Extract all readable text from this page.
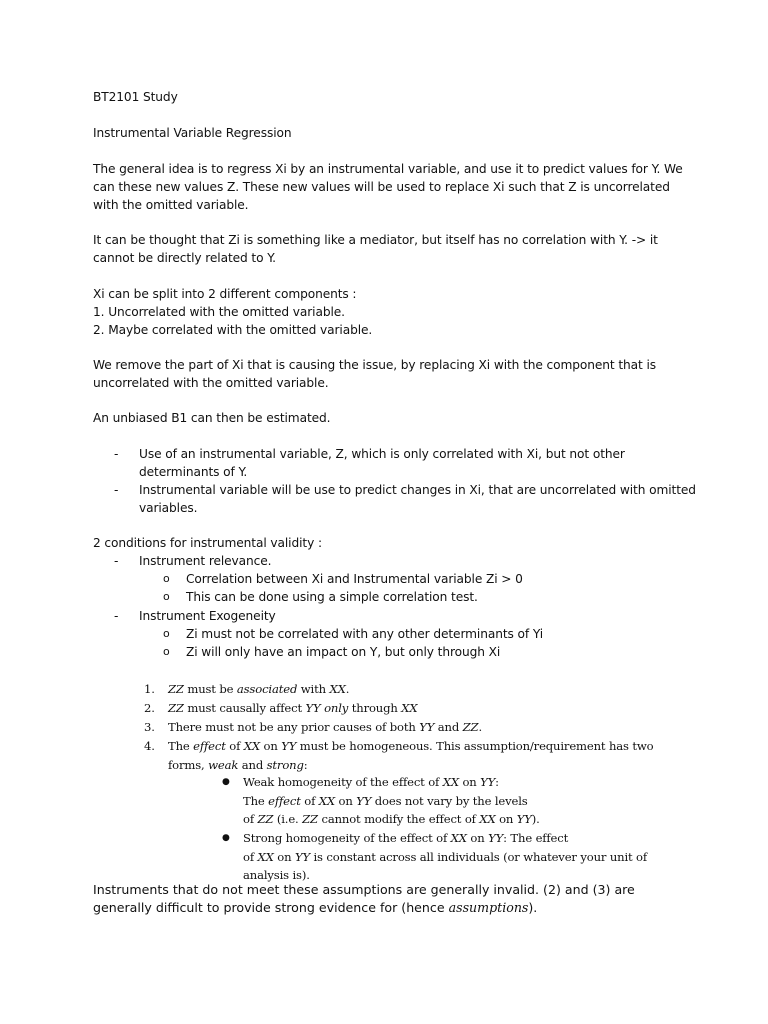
BT2101 Study
Instrumental Variable Regression

The general idea is to regress Xi by an instrumental variable, and use it to predict values for Y. We can these new values Z. These new values will be used to replace Xi such that Z is uncorrelated with the omitted variable.

It can be thought that Zi is something like a mediator, but itself has no correlation with Y. -> it cannot be directly related to Y.

Xi can be split into 2 different components :
1. Uncorrelated with the omitted variable.
2. Maybe correlated with the omitted variable.

We remove the part of Xi that is causing the issue, by replacing Xi with the component that is uncorrelated with the omitted variable.

An unbiased B1 can then be estimated.

- Use of an instrumental variable, Z, which is only correlated with Xi, but not other determinants of Y.
- Instrumental variable will be use to predict changes in Xi, that are uncorrelated with omitted variables.
2 conditions for instrumental validity :
- Instrument relevance.
o Correlation between Xi and Instrumental variable Zi > 0
o This can be done using a simple correlation test.
- Instrument Exogeneity
o Zi must not be correlated with any other determinants of Yi
o Zi will only have an impact on Y, but only through Xi
1.	ZZ must be associated with XX.
2.	ZZ must causally affect YY only through XX
3.	There must not be any prior causes of both YY and ZZ.
4.	The effect of XX on YY must be homogeneous. This assumption/requirement has two forms, weak and strong:
● Weak homogeneity of the effect of XX on YY:
The effect of XX on YY does not vary by the levels
of ZZ (i.e. ZZ cannot modify the effect of XX on YY).
● Strong homogeneity of the effect of XX on YY: The effect
of XX on YY is constant across all individuals (or whatever your unit of
analysis is).
Instruments that do not meet these assumptions are generally invalid. (2) and (3) are generally difficult to provide strong evidence for (hence assumptions).
